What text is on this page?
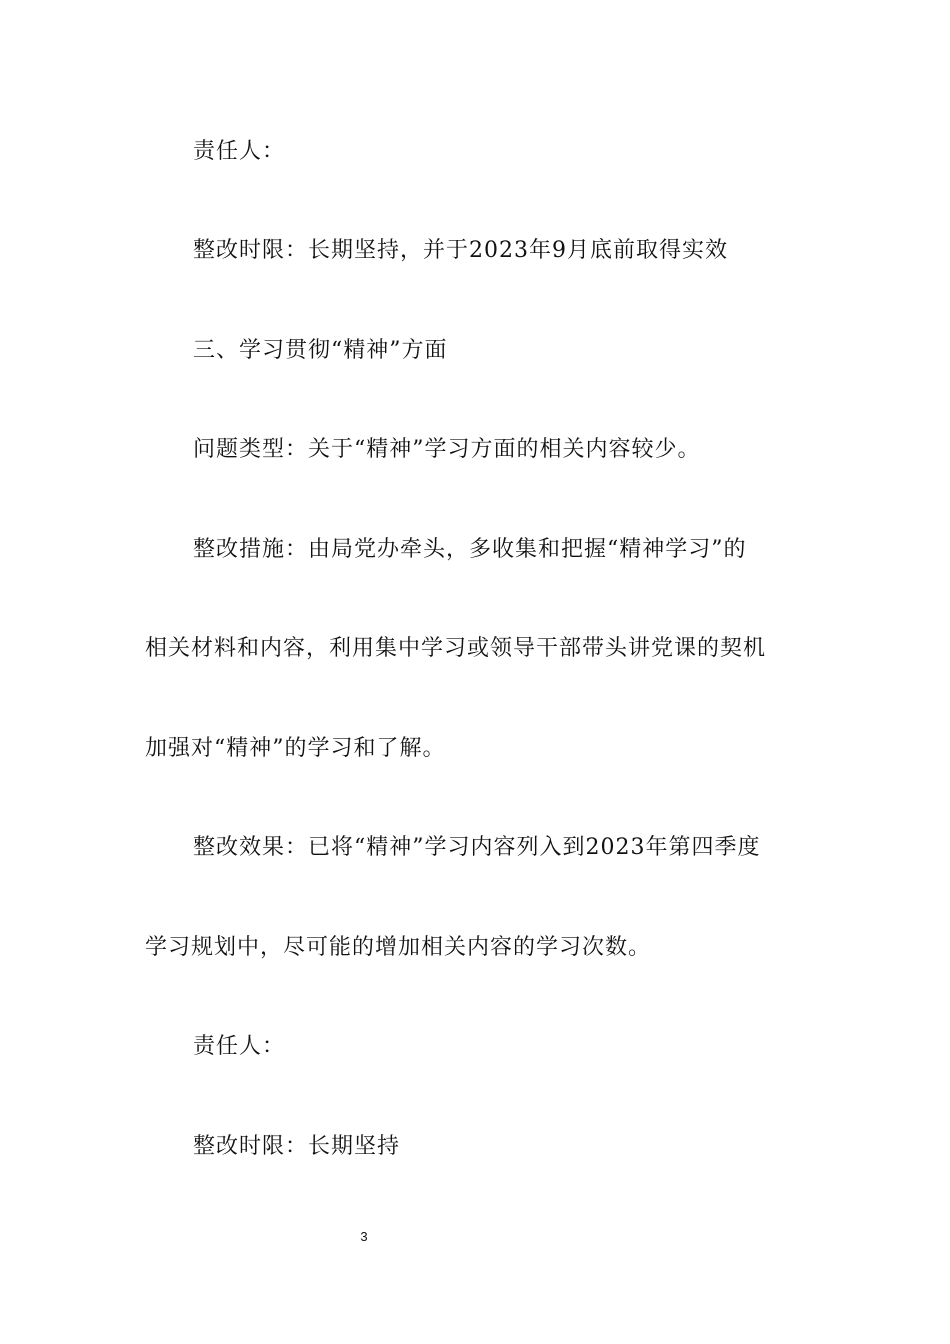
责任人：
整改时限：长期坚持，并于2023年9月底前取得实效
三、学习贯彻“精神”方面
问题类型：关于“精神”学习方面的相关内容较少。
整改措施：由局党办牵头，多收集和把握“精神学习”的
相关材料和内容，利用集中学习或领导干部带头讲党课的契机
加强对“精神”的学习和了解。
整改效果：已将“精神”学习内容列入到2023年第四季度
学习规划中，尽可能的增加相关内容的学习次数。
责任人：
整改时限：长期坚持
3
